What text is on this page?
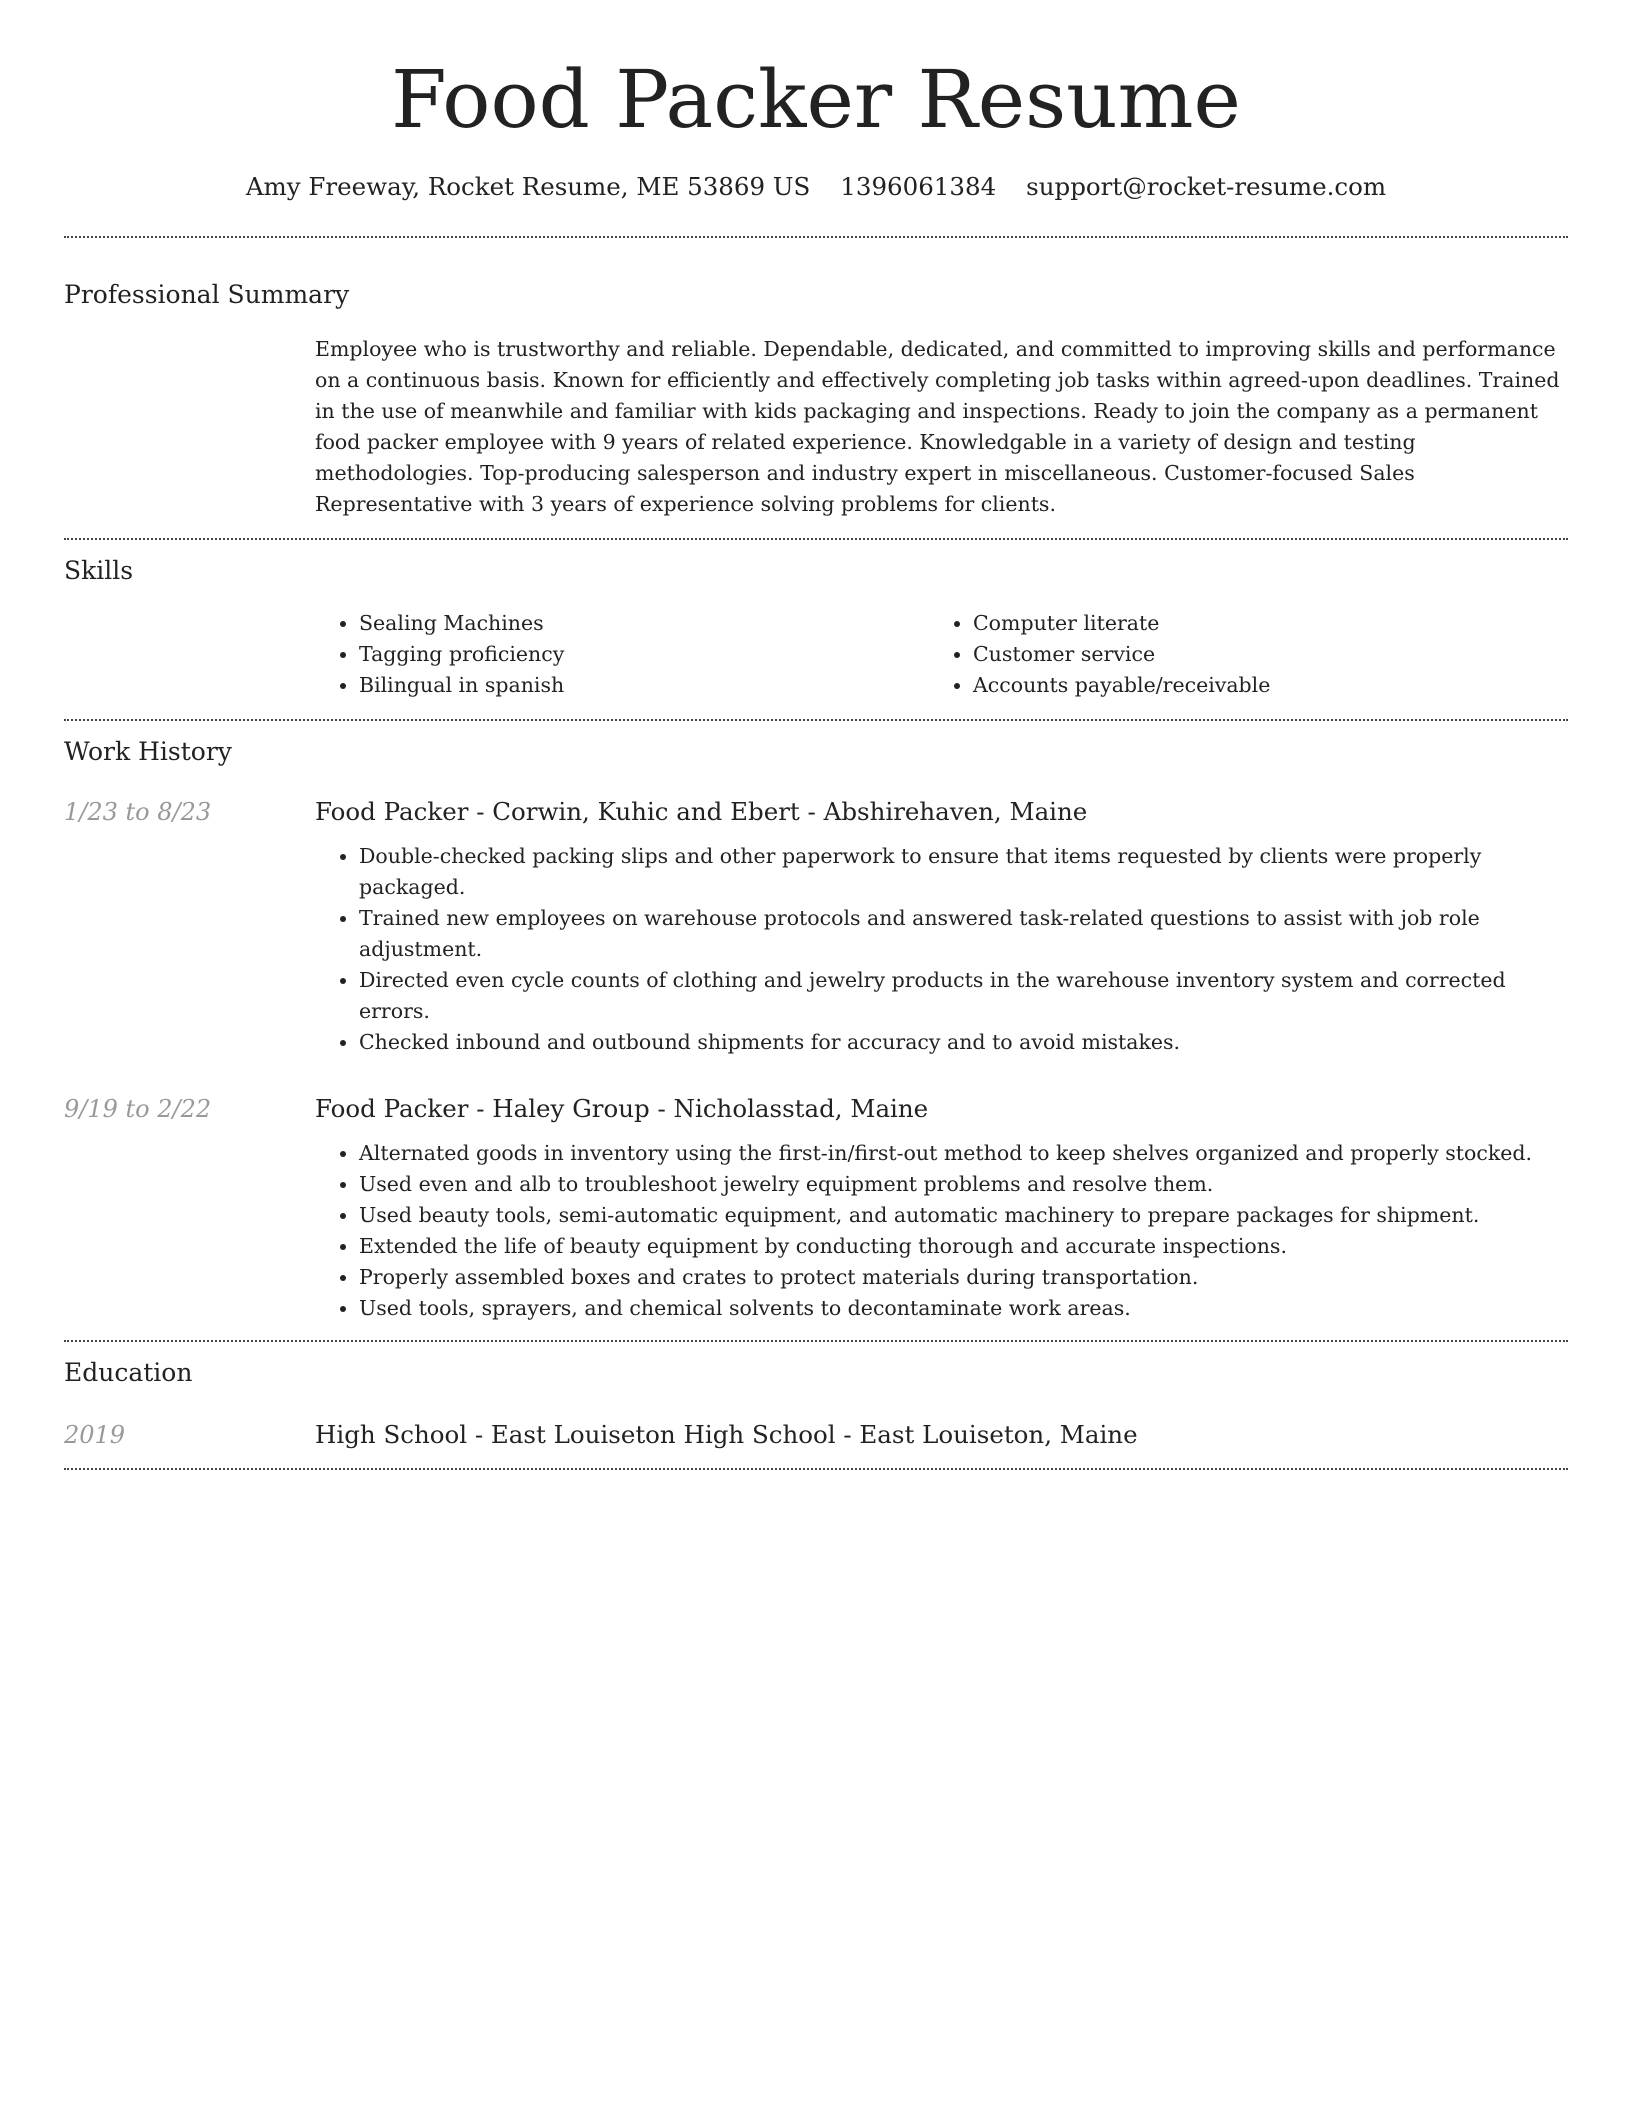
Food Packer Resume
Amy Freeway, Rocket Resume, ME 53869 US 1396061384 support@rocket-resume.com
Professional Summary
Employee who is trustworthy and reliable. Dependable, dedicated, and committed to improving skills and performance on a continuous basis. Known for efficiently and effectively completing job tasks within agreed-upon deadlines. Trained in the use of meanwhile and familiar with kids packaging and inspections. Ready to join the company as a permanent food packer employee with 9 years of related experience. Knowledgable in a variety of design and testing methodologies. Top-producing salesperson and industry expert in miscellaneous. Customer-focused Sales Representative with 3 years of experience solving problems for clients.
Skills
• Sealing Machines
• Tagging proficiency
• Bilingual in spanish
• Computer literate
• Customer service
• Accounts payable/receivable
Work History
1/23 to 8/23	Food Packer - Corwin, Kuhic and Ebert - Abshirehaven, Maine
• Double-checked packing slips and other paperwork to ensure that items requested by clients were properly packaged.
• Trained new employees on warehouse protocols and answered task-related questions to assist with job role adjustment.
• Directed even cycle counts of clothing and jewelry products in the warehouse inventory system and corrected errors.
• Checked inbound and outbound shipments for accuracy and to avoid mistakes.
9/19 to 2/22	Food Packer - Haley Group - Nicholasstad, Maine
• Alternated goods in inventory using the first-in/first-out method to keep shelves organized and properly stocked.
• Used even and alb to troubleshoot jewelry equipment problems and resolve them.
• Used beauty tools, semi-automatic equipment, and automatic machinery to prepare packages for shipment.
• Extended the life of beauty equipment by conducting thorough and accurate inspections.
• Properly assembled boxes and crates to protect materials during transportation.
• Used tools, sprayers, and chemical solvents to decontaminate work areas.
Education
2019	High School - East Louiseton High School - East Louiseton, Maine
